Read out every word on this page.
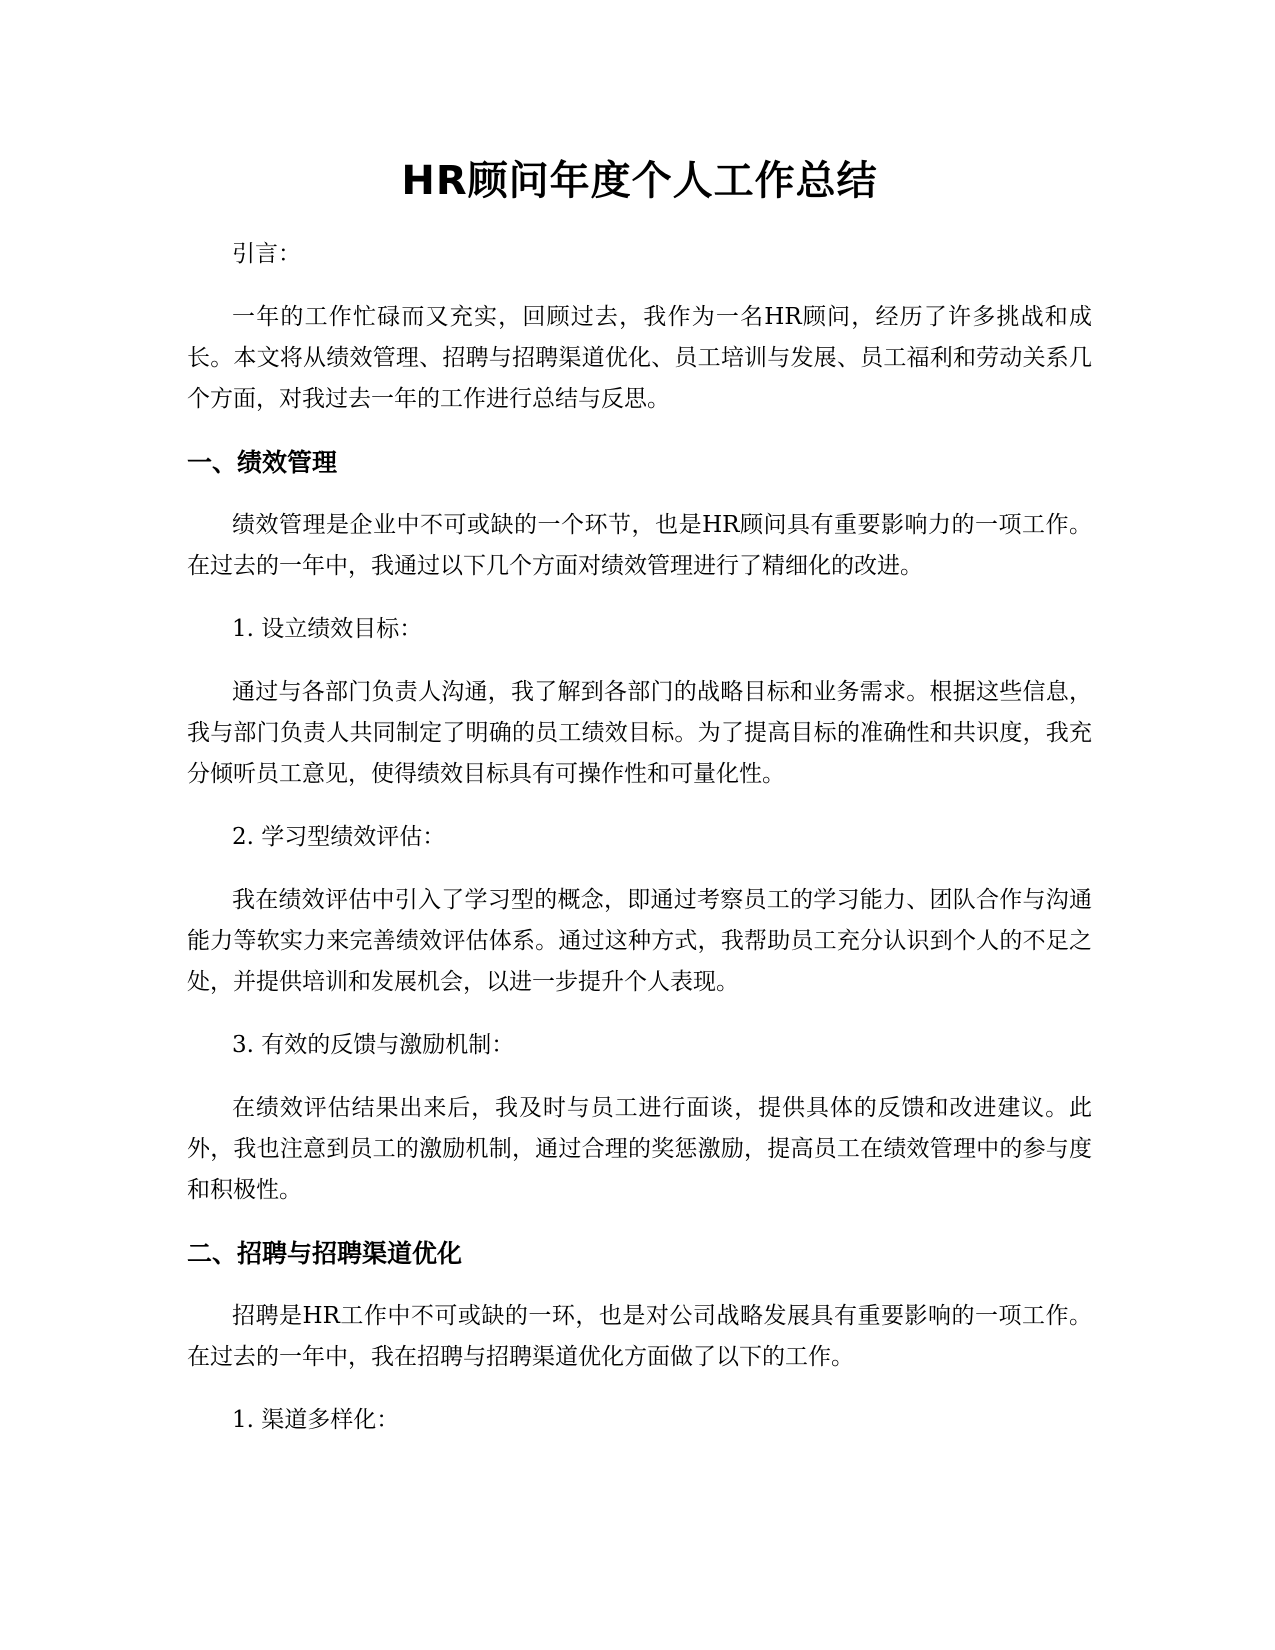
HR顾问年度个人工作总结

引言：

一年的工作忙碌而又充实，回顾过去，我作为一名HR顾问，经历了许多挑战和成长。本文将从绩效管理、招聘与招聘渠道优化、员工培训与发展、员工福利和劳动关系几个方面，对我过去一年的工作进行总结与反思。

一、绩效管理

绩效管理是企业中不可或缺的一个环节，也是HR顾问具有重要影响力的一项工作。在过去的一年中，我通过以下几个方面对绩效管理进行了精细化的改进。

1. 设立绩效目标：

通过与各部门负责人沟通，我了解到各部门的战略目标和业务需求。根据这些信息，我与部门负责人共同制定了明确的员工绩效目标。为了提高目标的准确性和共识度，我充分倾听员工意见，使得绩效目标具有可操作性和可量化性。

2. 学习型绩效评估：

我在绩效评估中引入了学习型的概念，即通过考察员工的学习能力、团队合作与沟通能力等软实力来完善绩效评估体系。通过这种方式，我帮助员工充分认识到个人的不足之处，并提供培训和发展机会，以进一步提升个人表现。

3. 有效的反馈与激励机制：

在绩效评估结果出来后，我及时与员工进行面谈，提供具体的反馈和改进建议。此外，我也注意到员工的激励机制，通过合理的奖惩激励，提高员工在绩效管理中的参与度和积极性。

二、招聘与招聘渠道优化

招聘是HR工作中不可或缺的一环，也是对公司战略发展具有重要影响的一项工作。在过去的一年中，我在招聘与招聘渠道优化方面做了以下的工作。

1. 渠道多样化：
